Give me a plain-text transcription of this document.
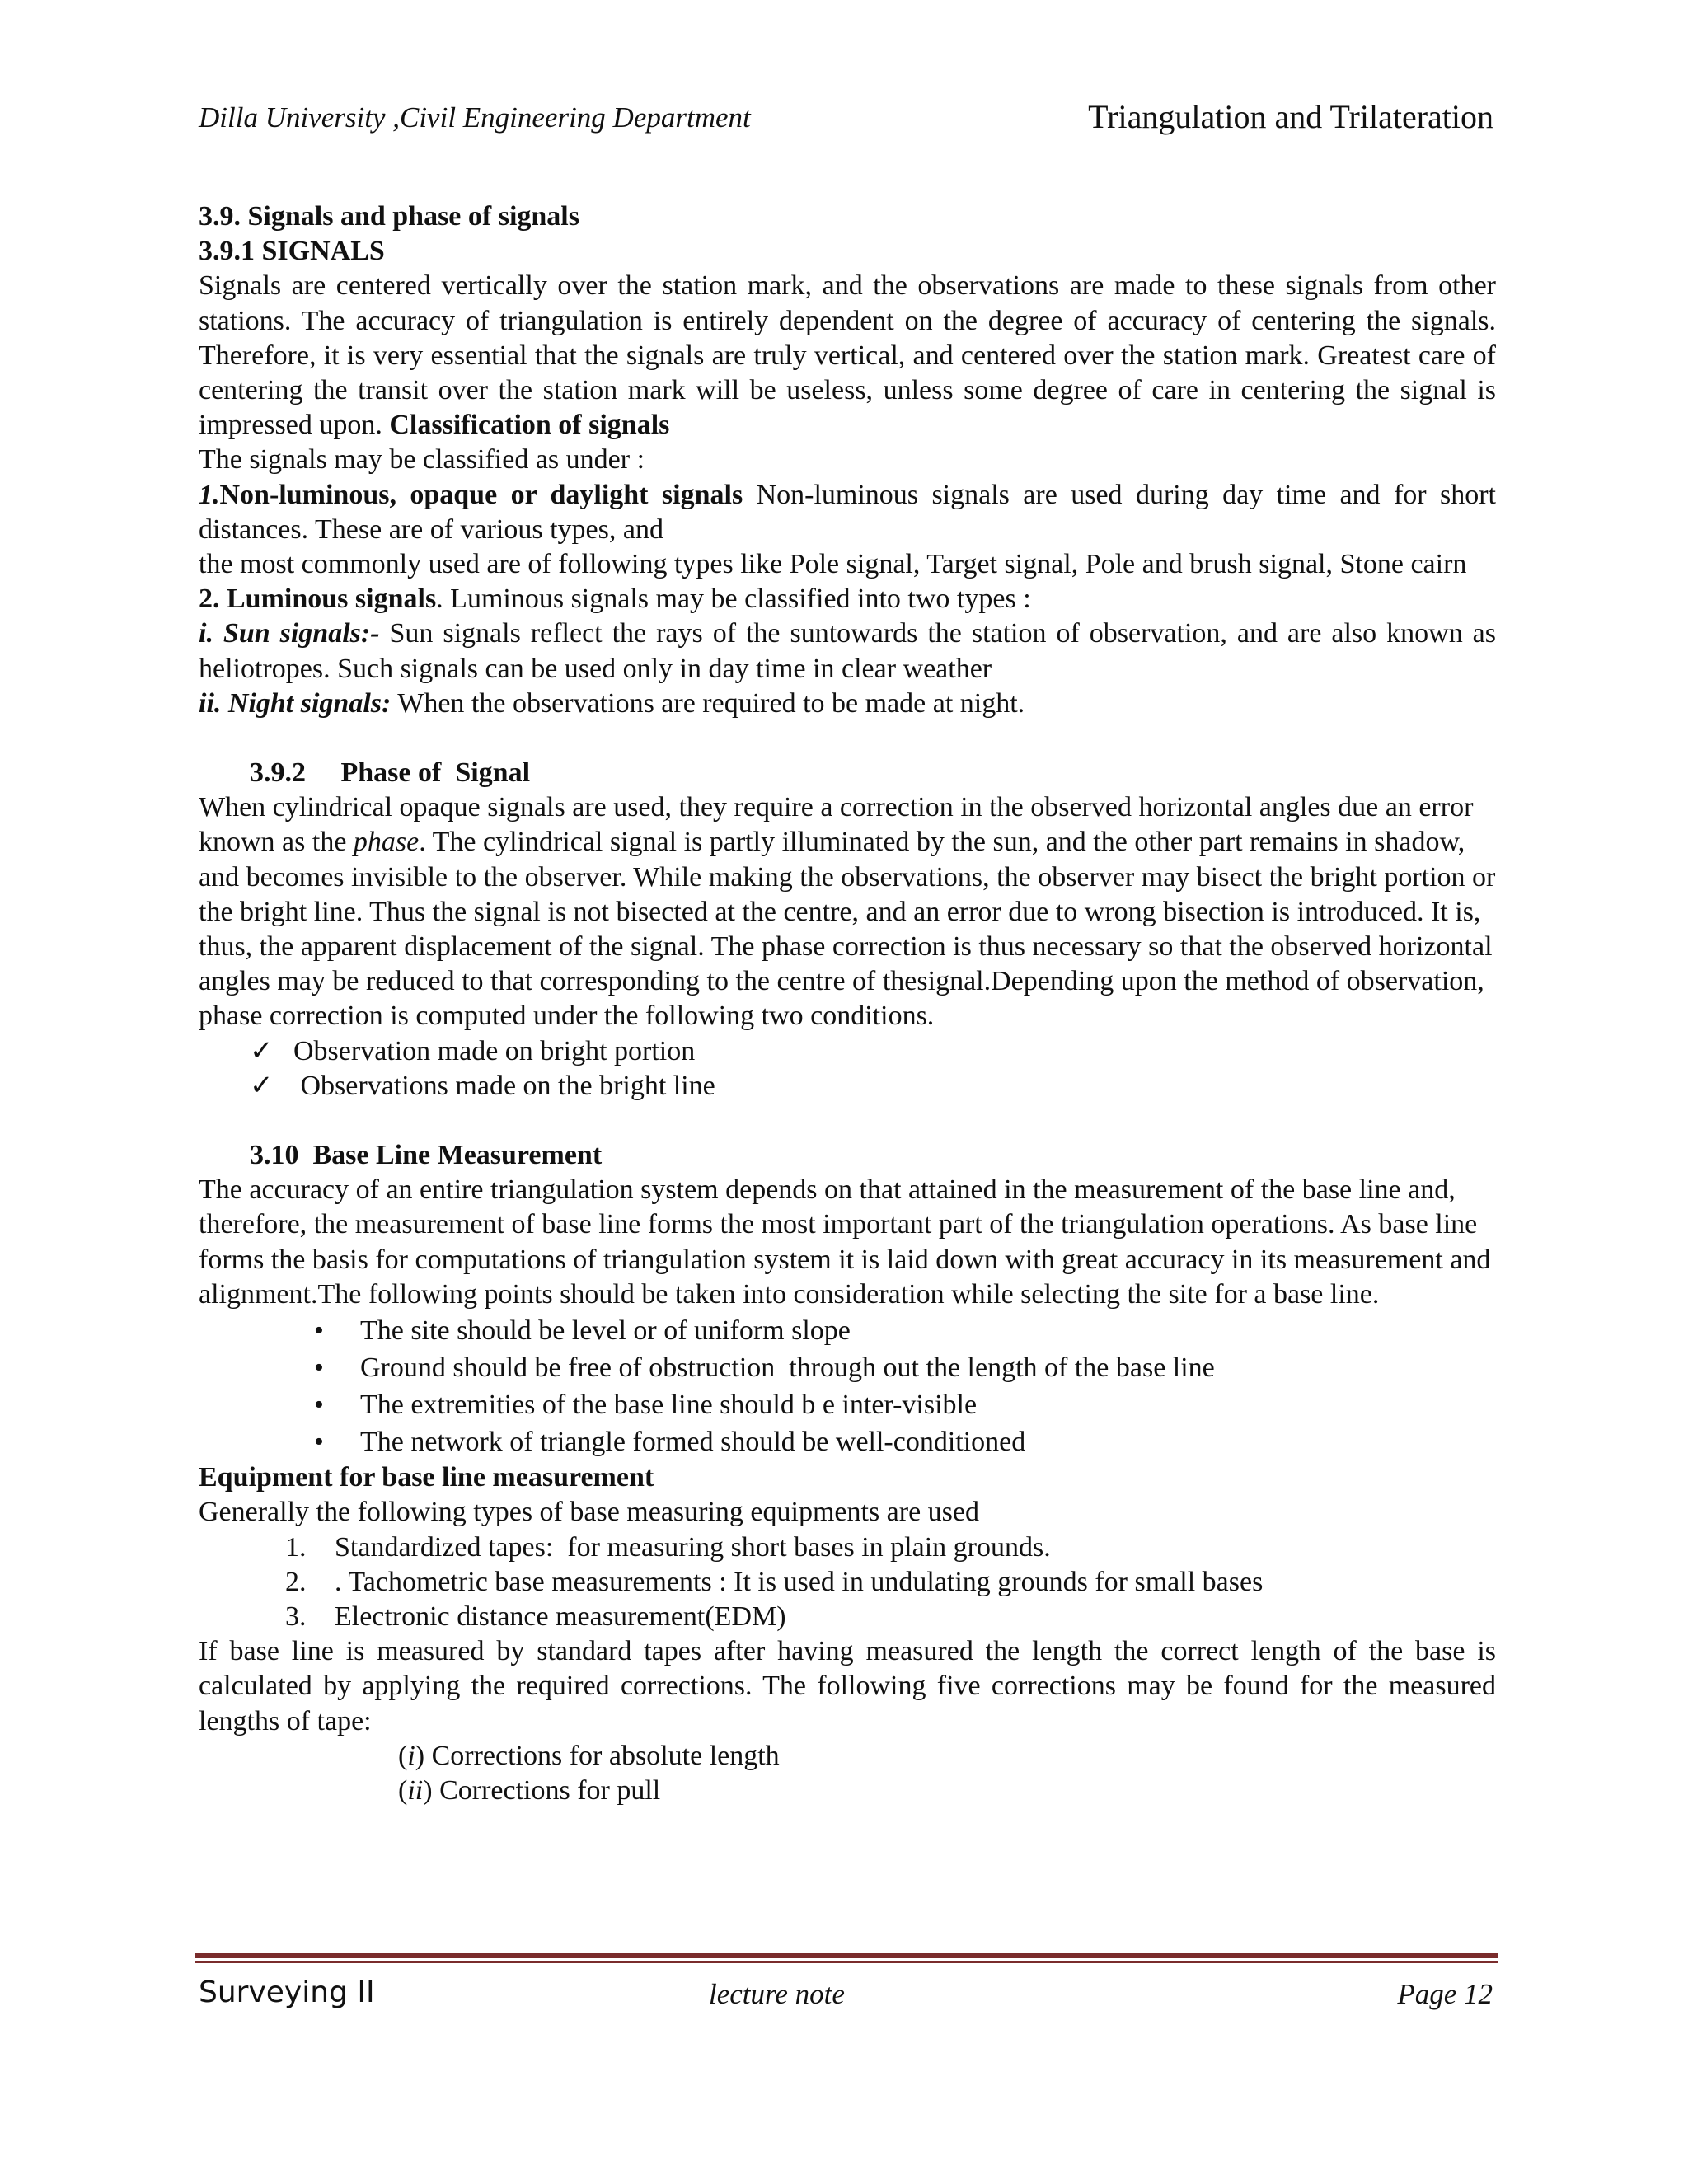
Dilla University ,Civil Engineering Department	Triangulation and Trilateration

3.9. Signals and phase of signals

3.9.1 SIGNALS

Signals are centered vertically over the station mark, and the observations are made to these signals from other stations. The accuracy of triangulation is entirely dependent on the degree of accuracy of centering the signals. Therefore, it is very essential that the signals are truly vertical, and centered over the station mark. Greatest care of centering the transit over the station mark will be useless, unless some degree of care in centering the signal is impressed upon. Classification of signals

The signals may be classified as under :

1.Non-luminous, opaque or daylight signals Non-luminous signals are used during day time and for short distances. These are of various types, and

the most commonly used are of following types like Pole signal, Target signal, Pole and brush signal, Stone cairn

2. Luminous signals. Luminous signals may be classified into two types :

i. Sun signals:- Sun signals reflect the rays of the suntowards the station of observation, and are also known as heliotropes. Such signals can be used only in day time in clear weather

ii. Night signals: When the observations are required to be made at night.

3.9.2     Phase of  Signal

When cylindrical opaque signals are used, they require a correction in the observed horizontal angles due an error known as the phase. The cylindrical signal is partly illuminated by the sun, and the other part remains in shadow, and becomes invisible to the observer. While making the observations, the observer may bisect the bright portion or the bright line. Thus the signal is not bisected at the centre, and an error due to wrong bisection is introduced. It is, thus, the apparent displacement of the signal. The phase correction is thus necessary so that the observed horizontal angles may be reduced to that corresponding to the centre of thesignal.Depending upon the method of observation, phase correction is computed under the following two conditions.

✓ Observation made on bright portion
✓ Observations made on the bright line

3.10  Base Line Measurement

The accuracy of an entire triangulation system depends on that attained in the measurement of the base line and, therefore, the measurement of base line forms the most important part of the triangulation operations. As base line forms the basis for computations of triangulation system it is laid down with great accuracy in its measurement and alignment.The following points should be taken into consideration while selecting the site for a base line.

• The site should be level or of uniform slope
• Ground should be free of obstruction  through out the length of the base line
• The extremities of the base line should b e inter-visible
• The network of triangle formed should be well-conditioned

Equipment for base line measurement

Generally the following types of base measuring equipments are used

1. Standardized tapes:  for measuring short bases in plain grounds.
2. . Tachometric base measurements : It is used in undulating grounds for small bases
3. Electronic distance measurement(EDM)

If base line is measured by standard tapes after having measured the length the correct length of the base is calculated by applying the required corrections. The following five corrections may be found for the measured lengths of tape:

(i) Corrections for absolute length
(ii) Corrections for pull
Surveying II	lecture note	Page 12
